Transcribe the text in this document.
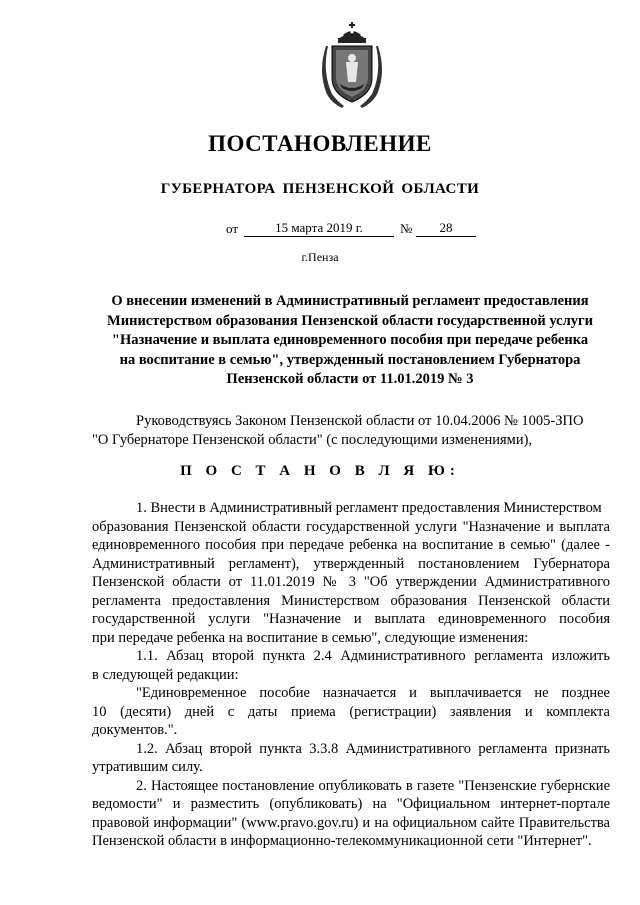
ПОСТАНОВЛЕНИЕ
ГУБЕРНАТОРА ПЕНЗЕНСКОЙ ОБЛАСТИ
от	15 марта 2019 г.	№	28
г.Пенза
О внесении изменений в Административный регламент предоставления
Министерством образования Пензенской области государственной услуги
"Назначение и выплата единовременного пособия при передаче ребенка
на воспитание в семью", утвержденный постановлением Губернатора
Пензенской области от 11.01.2019 № 3
Руководствуясь Законом Пензенской области от 10.04.2006 № 1005-ЗПО
"О Губернаторе Пензенской области" (с последующими изменениями),
П О С Т А Н О В Л Я Ю:
1. Внести в Административный регламент предоставления Министерством
образования Пензенской области государственной услуги "Назначение и выплата
единовременного пособия при передаче ребенка на воспитание в семью" (далее -
Административный регламент), утвержденный постановлением Губернатора
Пензенской области от 11.01.2019 № 3 "Об утверждении Административного
регламента предоставления Министерством образования Пензенской области
государственной услуги "Назначение и выплата единовременного пособия
при передаче ребенка на воспитание в семью", следующие изменения:
1.1. Абзац второй пункта 2.4 Административного регламента изложить
в следующей редакции:
"Единовременное пособие назначается и выплачивается не позднее
10 (десяти) дней с даты приема (регистрации) заявления и комплекта
документов.".
1.2. Абзац второй пункта 3.3.8 Административного регламента признать
утратившим силу.
2. Настоящее постановление опубликовать в газете "Пензенские губернские
ведомости" и разместить (опубликовать) на "Официальном интернет-портале
правовой информации" (www.pravo.gov.ru) и на официальном сайте Правительства
Пензенской области в информационно-телекоммуникационной сети "Интернет".
